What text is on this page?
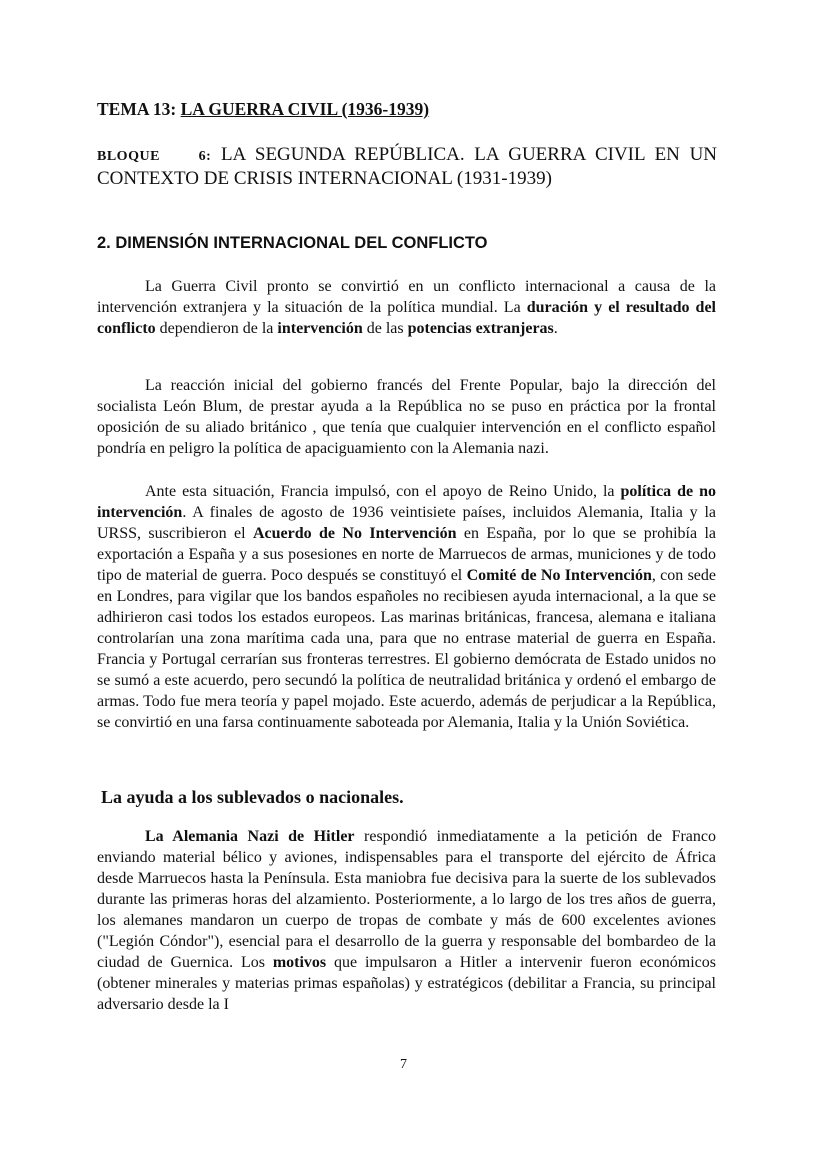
TEMA 13: LA GUERRA CIVIL (1936-1939)
BLOQUE	6: LA SEGUNDA REPÚBLICA. LA GUERRA CIVIL EN UN CONTEXTO DE CRISIS INTERNACIONAL (1931-1939)
2. DIMENSIÓN INTERNACIONAL DEL CONFLICTO

La Guerra Civil pronto se convirtió en un conflicto internacional a causa de la intervención extranjera y la situación de la política mundial. La duración y el resultado del conflicto dependieron de la intervención de las potencias extranjeras.

La reacción inicial del gobierno francés del Frente Popular, bajo la dirección del socialista León Blum, de prestar ayuda a la República no se puso en práctica por la frontal oposición de su aliado británico , que tenía que cualquier intervención en el conflicto español pondría en peligro la política de apaciguamiento con la Alemania nazi.

Ante esta situación, Francia impulsó, con el apoyo de Reino Unido, la política de no intervención. A finales de agosto de 1936 veintisiete países, incluidos Alemania, Italia y la URSS, suscribieron el Acuerdo de No Intervención en España, por lo que se prohibía la exportación a España y a sus posesiones en norte de Marruecos de armas, municiones y de todo tipo de material de guerra. Poco después se constituyó el Comité de No Intervención, con sede en Londres, para vigilar que los bandos españoles no recibiesen ayuda internacional, a la que se adhirieron casi todos los estados europeos. Las marinas británicas, francesa, alemana e italiana controlarían una zona marítima cada una, para que no entrase material de guerra en España. Francia y Portugal cerrarían sus fronteras terrestres. El gobierno demócrata de Estado unidos no se sumó a este acuerdo, pero secundó la política de neutralidad británica y ordenó el embargo de armas. Todo fue mera teoría y papel mojado. Este acuerdo, además de perjudicar a la República, se convirtió en una farsa continuamente saboteada por Alemania, Italia y la Unión Soviética.

La ayuda a los sublevados o nacionales.

La Alemania Nazi de Hitler respondió inmediatamente a la petición de Franco enviando material bélico y aviones, indispensables para el transporte del ejército de África desde Marruecos hasta la Península. Esta maniobra fue decisiva para la suerte de los sublevados durante las primeras horas del alzamiento. Posteriormente, a lo largo de los tres años de guerra, los alemanes mandaron un cuerpo de tropas de combate y más de 600 excelentes aviones ("Legión Cóndor"), esencial para el desarrollo de la guerra y responsable del bombardeo de la ciudad de Guernica. Los motivos que impulsaron a Hitler a intervenir fueron económicos (obtener minerales y materias primas españolas) y estratégicos (debilitar a Francia, su principal adversario desde la I

7
